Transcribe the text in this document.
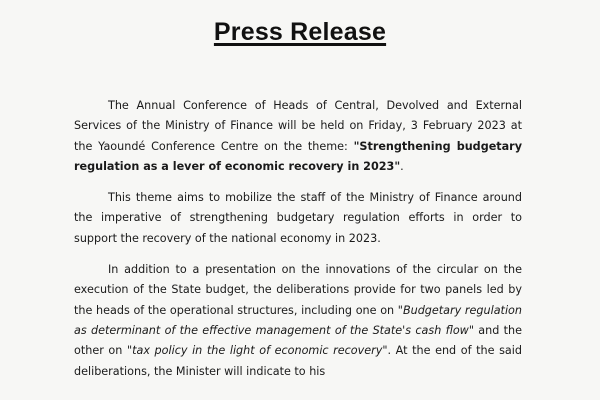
Press Release

The Annual Conference of Heads of Central, Devolved and External Services of the Ministry of Finance will be held on Friday, 3 February 2023 at the Yaoundé Conference Centre on the theme: "Strengthening budgetary regulation as a lever of economic recovery in 2023".

This theme aims to mobilize the staff of the Ministry of Finance around the imperative of strengthening budgetary regulation efforts in order to support the recovery of the national economy in 2023.

In addition to a presentation on the innovations of the circular on the execution of the State budget, the deliberations provide for two panels led by the heads of the operational structures, including one on "Budgetary regulation as determinant of the effective management of the State's cash flow" and the other on "tax policy in the light of economic recovery". At the end of the said deliberations, the Minister will indicate to his
